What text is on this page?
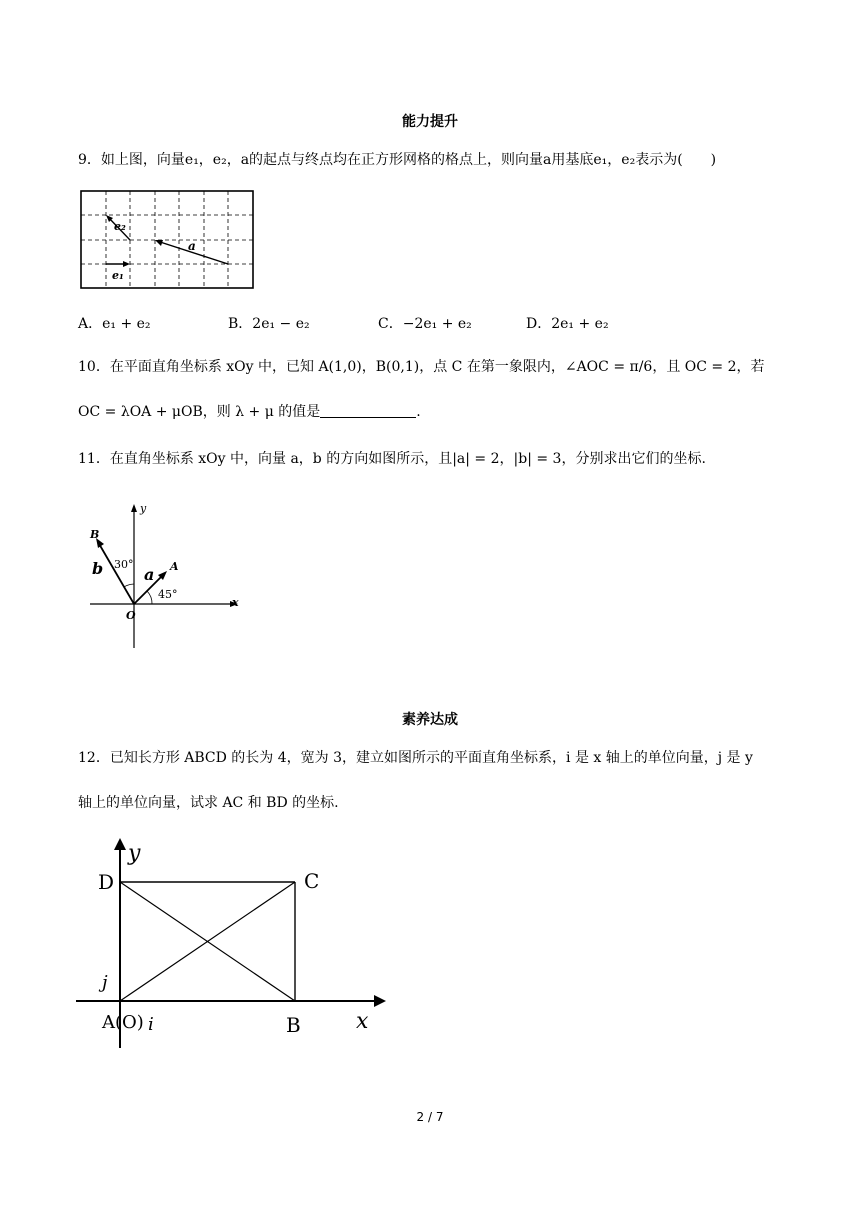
能力提升
9．如上图，向量e₁，e₂，a的起点与终点均在正方形网格的格点上，则向量a用基底e₁，e₂表示为(　　)
e₂
a
e₁
A．e₁ + e₂	B．2e₁ − e₂	C．−2e₁ + e₂	D．2e₁ + e₂
10．在平面直角坐标系 xOy 中，已知 A(1,0)，B(0,1)，点 C 在第一象限内，∠AOC = π/6，且 OC = 2，若
OC = λOA + μOB，则 λ + μ 的值是	.
11．在直角坐标系 xOy 中，向量 a，b 的方向如图所示，且|a| = 2，|b| = 3，分别求出它们的坐标.
y
x
O
B
A
b	a
30°
45°
素养达成
12．已知长方形 ABCD 的长为 4，宽为 3，建立如图所示的平面直角坐标系，i 是 x 轴上的单位向量，j 是 y
轴上的单位向量，试求 AC 和 BD 的坐标.
y
x
D	C
A(O)	B
i
j
2 / 7
